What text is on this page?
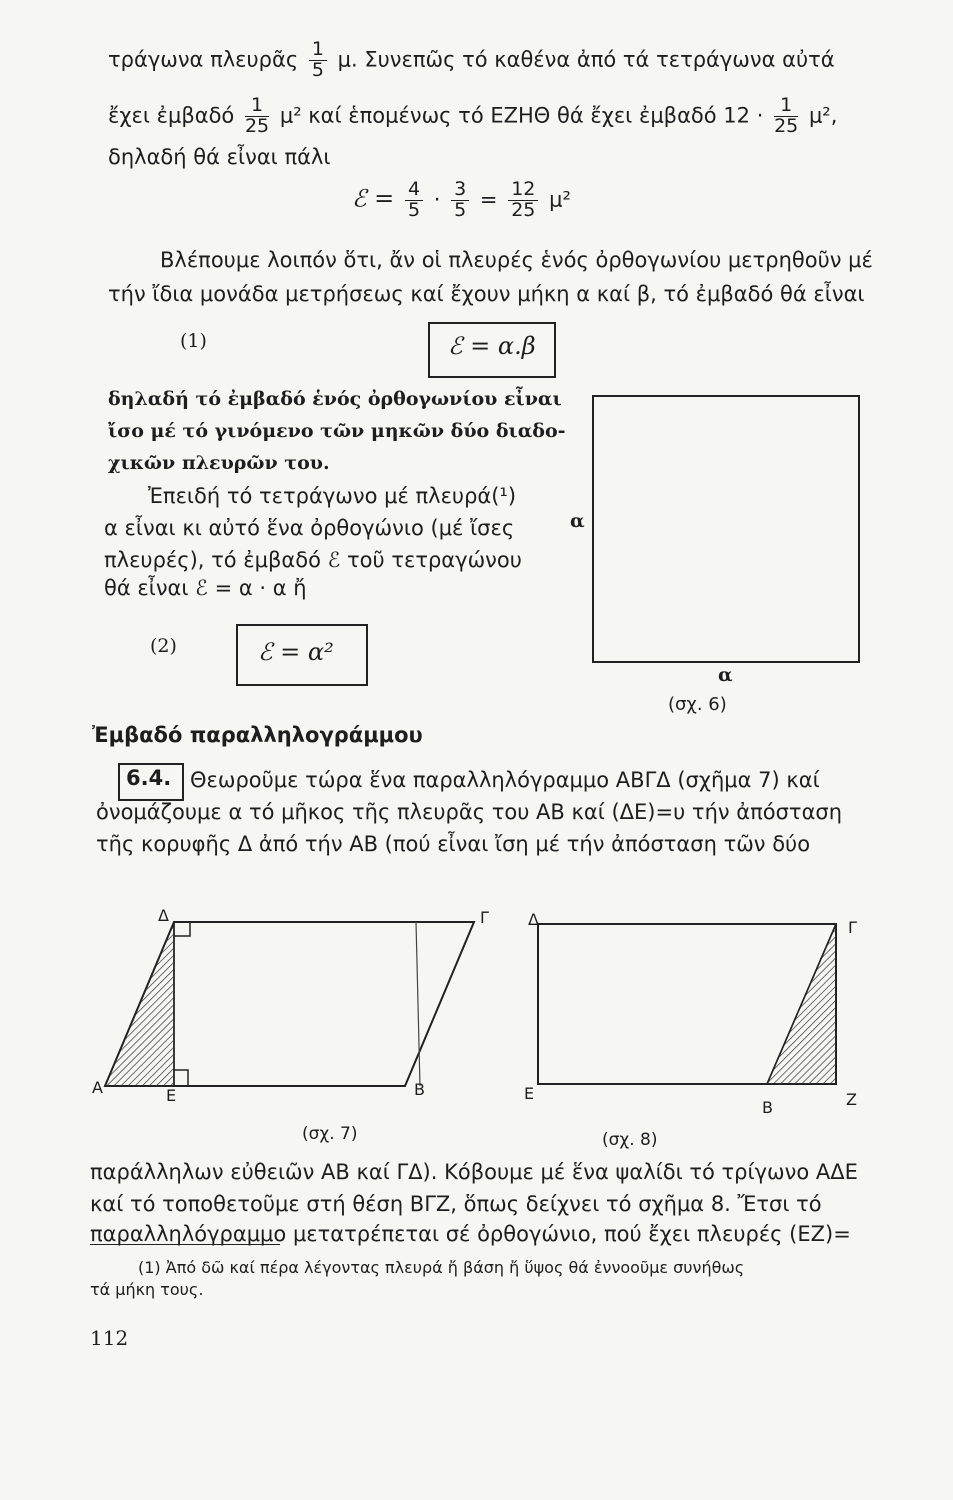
τράγωνα πλευρᾶς $\frac{1}{5} \mu$. Συνεπῶς τό καθένα ἀπό τά τετράγωνα αὐτά
ἔχει ἐμβαδό $\frac{1}{25} \mu^2$ καί ἑπομένως τό ΕΖΗΘ θά ἔχει ἐμβαδό $12 \cdot \frac{1}{25} \mu^2$,
δηλαδή θά εἶναι πάλι
ℰ = $\frac{4}{5} \cdot \frac{3}{5} = \frac{12}{25} \mu^2$
Βλέπουμε λοιπόν ὅτι, ἄν οἱ πλευρές ἑνός ὀρθογωνίου μετρηθοῦν μέ
τήν ἴδια μονάδα μετρήσεως καί ἔχουν μήκη α καί β, τό ἐμβαδό θά εἶναι
(1)	ℰ = α.β
δηλαδή τό ἐμβαδό ἑνός ὀρθογωνίου εἶναι
ἴσο μέ τό γινόμενο τῶν μηκῶν δύο διαδο-
χικῶν πλευρῶν του.
Ἐπειδή τό τετράγωνο μέ πλευρά(¹)
α εἶναι κι αὐτό ἕνα ὀρθογώνιο (μέ ἴσες
πλευρές), τό ἐμβαδό ℰ τοῦ τετραγώνου
θά εἶναι ℰ = α · α ἤ
(2)	ℰ = α²
α
α
(σχ. 6)
Ἐμβαδό παραλληλογράμμου
6.4. Θεωροῦμε τώρα ἕνα παραλληλόγραμμο ΑΒΓΔ (σχῆμα 7) καί
ὀνομάζουμε α τό μῆκος τῆς πλευρᾶς του ΑΒ καί (ΔΕ)=υ τήν ἀπόσταση
τῆς κορυφῆς Δ ἀπό τήν ΑΒ (πού εἶναι ἴση μέ τήν ἀπόσταση τῶν δύο
Δ	Γ
Α	Ε	Β
(σχ. 7)
Δ	Γ
Ε
Β	Ζ
(σχ. 8)
παράλληλων εὐθειῶν ΑΒ καί ΓΔ). Κόβουμε μέ ἕνα ψαλίδι τό τρίγωνο ΑΔΕ
καί τό τοποθετοῦμε στή θέση ΒΓΖ, ὅπως δείχνει τό σχῆμα 8. Ἔτσι τό
παραλληλόγραμμο μετατρέπεται σέ ὀρθογώνιο, πού ἔχει πλευρές (ΕΖ)=
(1) Ἀπό δῶ καί πέρα λέγοντας πλευρά ἤ βάση ἤ ὕψος θά ἐννοοῦμε συνήθως
τά μήκη τους.
112
